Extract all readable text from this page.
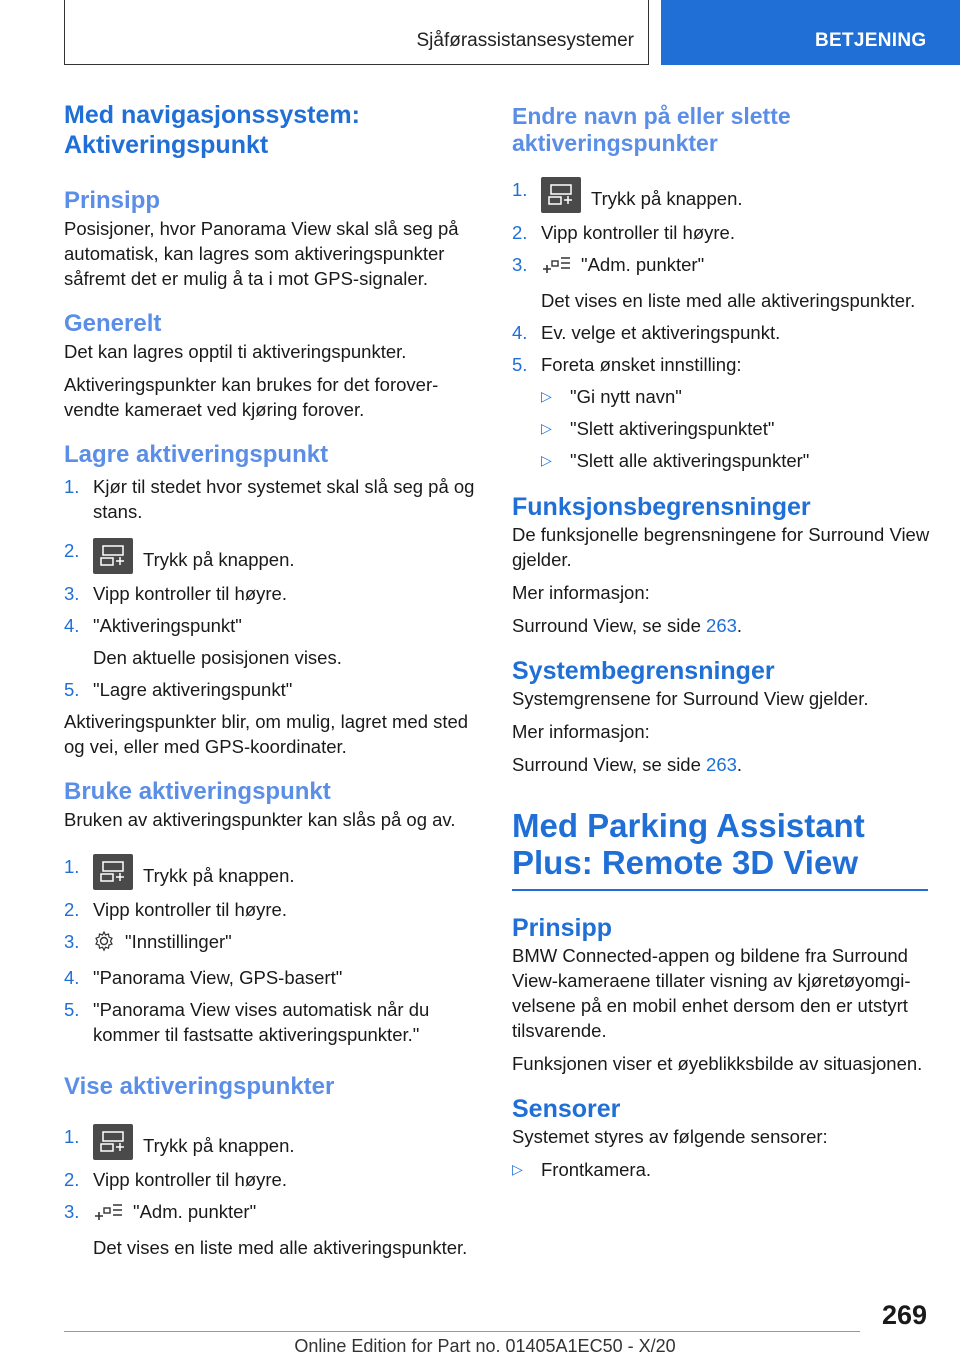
Sjåførassistansesystemer	BETJENING
Med navigasjonssystem: Aktiveringspunkt
Prinsipp
Posisjoner, hvor Panorama View skal slå seg på automatisk, kan lagres som aktiveringspunkter såfremt det er mulig å ta i mot GPS-signaler.
Generelt
Det kan lagres opptil ti aktiveringspunkter.
Aktiveringspunkter kan brukes for det forovervendte kameraet ved kjøring forover.
Lagre aktiveringspunkt
1. Kjør til stedet hvor systemet skal slå seg på og stans.
2.	Trykk på knappen.
3. Vipp kontroller til høyre.
4. "Aktiveringspunkt"
Den aktuelle posisjonen vises.
5. "Lagre aktiveringspunkt"
Aktiveringspunkter blir, om mulig, lagret med sted og vei, eller med GPS-koordinater.
Bruke aktiveringspunkt
Bruken av aktiveringspunkter kan slås på og av.
1.	Trykk på knappen.
2. Vipp kontroller til høyre.
3. "Innstillinger"
4. "Panorama View, GPS-basert"
5. "Panorama View vises automatisk når du kommer til fastsatte aktiveringspunkter."
Vise aktiveringspunkter
1.	Trykk på knappen.
2. Vipp kontroller til høyre.
3.	"Adm. punkter"
Det vises en liste med alle aktiveringspunkter.
Endre navn på eller slette aktiveringspunkter
1.	Trykk på knappen.
2. Vipp kontroller til høyre.
3.	"Adm. punkter"
Det vises en liste med alle aktiveringspunkter.
4. Ev. velge et aktiveringspunkt.
5. Foreta ønsket innstilling:
▷ "Gi nytt navn"
▷ "Slett aktiveringspunktet"
▷ "Slett alle aktiveringspunkter"
Funksjonsbegrensninger
De funksjonelle begrensningene for Surround View gjelder.
Mer informasjon:
Surround View, se side 263.
Systembegrensninger
Systemgrensene for Surround View gjelder.
Mer informasjon:
Surround View, se side 263.
Med Parking Assistant Plus: Remote 3D View
Prinsipp
BMW Connected-appen og bildene fra Surround View-kameraene tillater visning av kjøretøyomgivelsene på en mobil enhet dersom den er utstyrt tilsvarende.
Funksjonen viser et øyeblikksbilde av situasjonen.
Sensorer
Systemet styres av følgende sensorer:
▷ Frontkamera.
269
Online Edition for Part no. 01405A1EC50 - X/20
